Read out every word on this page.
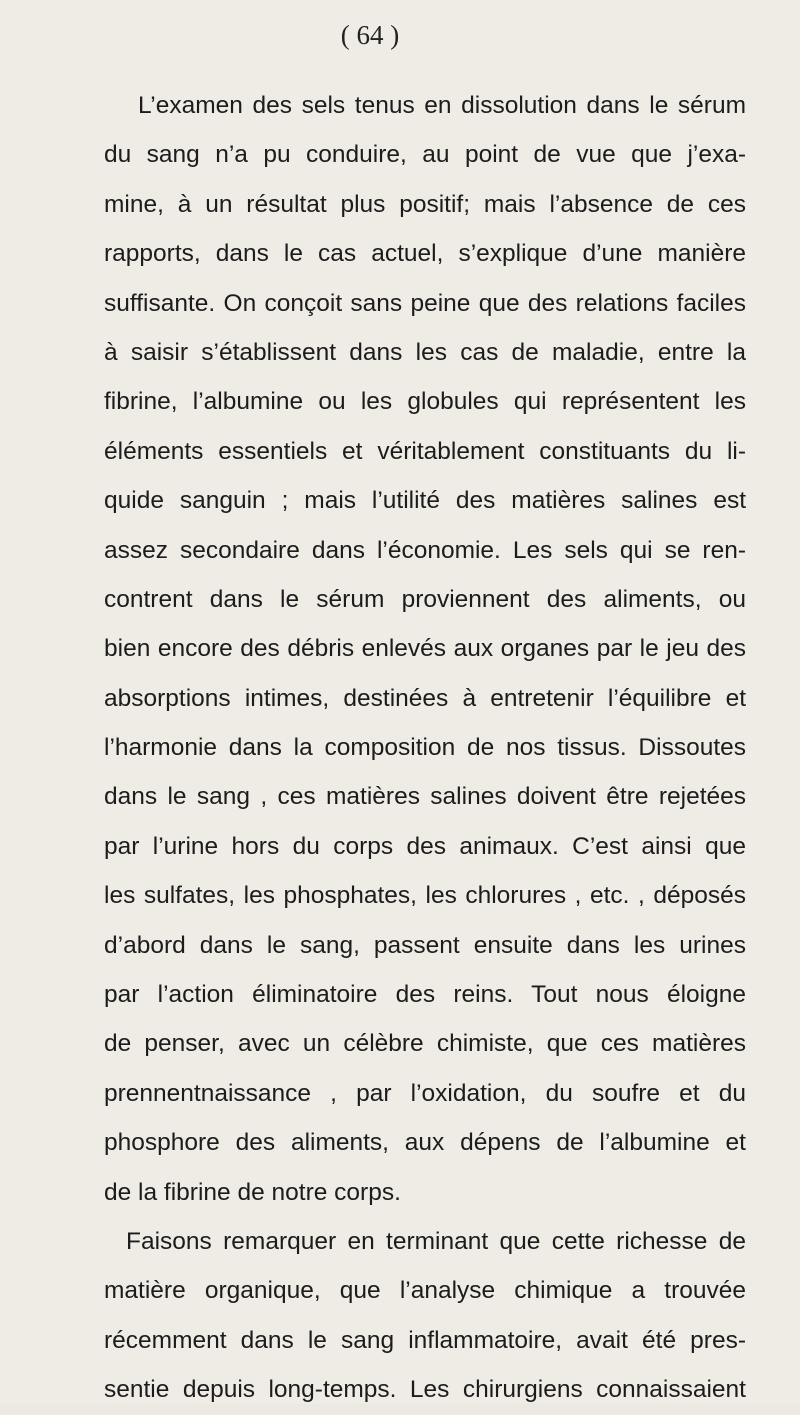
( 64 )
L’examen des sels tenus en dissolution dans le sérum
du sang n’a pu conduire, au point de vue que j’exa-
mine, à un résultat plus positif; mais l’absence de ces
rapports, dans le cas actuel, s’explique d’une manière
suffisante. On conçoit sans peine que des relations faciles
à saisir s’établissent dans les cas de maladie, entre la
fibrine, l’albumine ou les globules qui représentent les
éléments essentiels et véritablement constituants du li-
quide sanguin ; mais l’utilité des matières salines est
assez secondaire dans l’économie. Les sels qui se ren-
contrent dans le sérum proviennent des aliments, ou
bien encore des débris enlevés aux organes par le jeu des
absorptions intimes, destinées à entretenir l’équilibre et
l’harmonie dans la composition de nos tissus. Dissoutes
dans le sang , ces matières salines doivent être rejetées
par l’urine hors du corps des animaux. C’est ainsi que
les sulfates, les phosphates, les chlorures , etc. , déposés
d’abord dans le sang, passent ensuite dans les urines
par l’action éliminatoire des reins. Tout nous éloigne
de penser, avec un célèbre chimiste, que ces matières
prennentnaissance , par l’oxidation, du soufre et du
phosphore des aliments, aux dépens de l’albumine et
de la fibrine de notre corps.
Faisons remarquer en terminant que cette richesse de
matière organique, que l’analyse chimique a trouvée
récemment dans le sang inflammatoire, avait été pres-
sentie depuis long-temps. Les chirurgiens connaissaient
